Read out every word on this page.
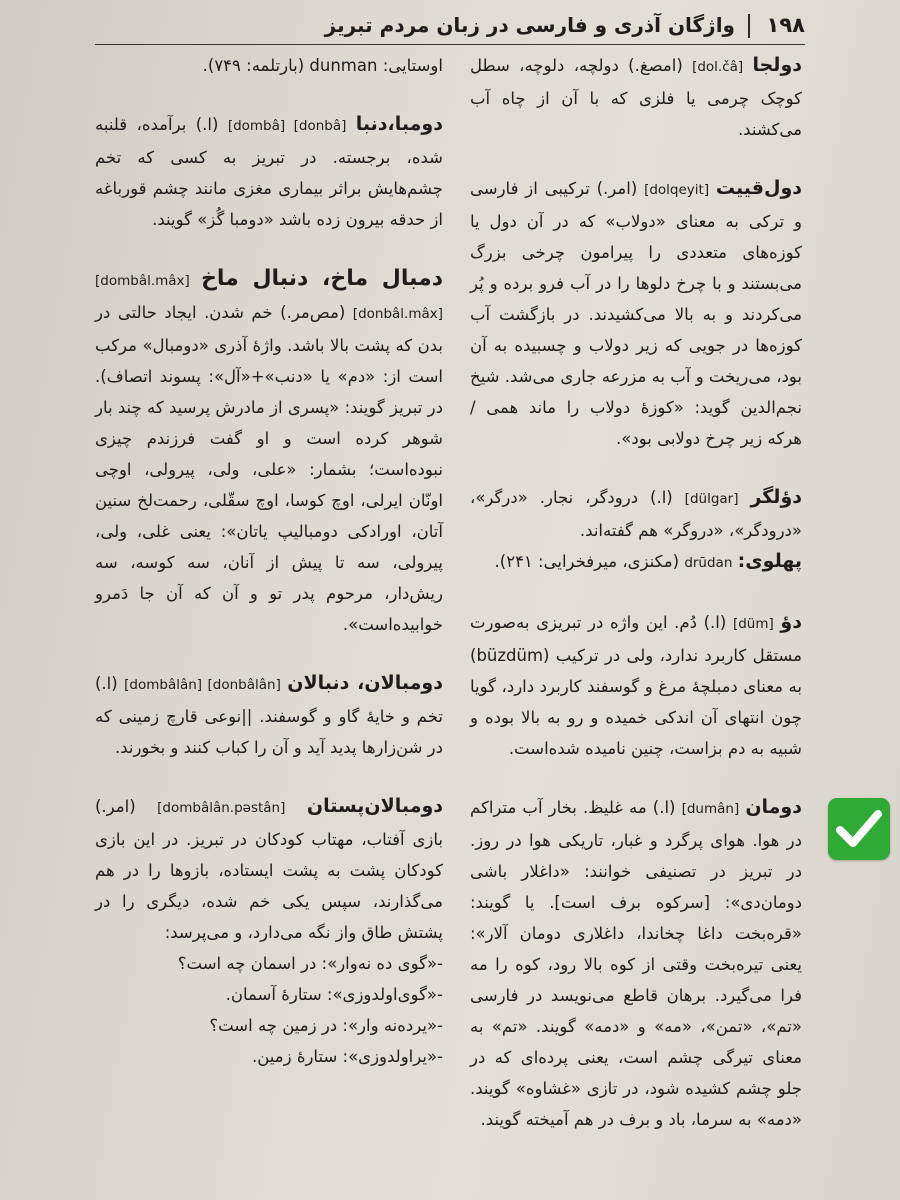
۱۹۸
واژگان آذری و فارسی در زبان مردم تبریز

دولجا [dol.čâ] (امصغ.) دولچه، دلوچه، سطل کوچک چرمی یا فلزی که با آن از چاه آب می‌کشند.

دول‌قییت [dolqeyit] (امر.) ترکیبی از فارسی و ترکی به معنای «دولاب» که در آن دول یا کوزه‌های متعددی را پیرامون چرخی بزرگ می‌بستند و با چرخ دلوها را در آب فرو برده و پُر می‌کردند و به بالا می‌کشیدند. در بازگشت آب کوزه‌ها در جویی که زیر دولاب و چسبیده به آن بود، می‌ریخت و آب به مزرعه جاری می‌شد. شیخ نجم‌الدین گوید: «کوزهٔ دولاب را ماند همی / هرکه زیر چرخ دولابی بود».

دؤلگر [dülgar] (ا.) درودگر، نجار. «درگر»، «درودگر»، «دروگر» هم گفته‌اند.
پهلوی: drūdan (مکنزی، میرفخرایی: ۲۴۱).

دؤ [düm] (ا.) دُم. این واژه در تبریزی به‌صورت مستقل کاربرد ندارد، ولی در ترکیب (büzdüm) به معنای دمبلچهٔ مرغ و گوسفند کاربرد دارد، گویا چون انتهای آن اندکی خمیده و رو به بالا بوده و شبیه به دم بزاست، چنین نامیده شده‌است.

دومان [dumân] (ا.) مه غلیظ. بخار آب متراکم در هوا. هوای پرگرد و غبار، تاریکی هوا در روز. در تبریز در تصنیفی خوانند: «داغلار باشی دومان‌دی»: [سرکوه برف است]. یا گویند: «قره‌بخت داغا چخاندا، داغلاری دومان آلار»: یعنی تیره‌بخت وقتی از کوه بالا رود، کوه را مه فرا می‌گیرد. برهان قاطع می‌نویسد در فارسی «تم»، «تمن»، «مه» و «دمه» گویند. «تم» به معنای تیرگی چشم است، یعنی پرده‌ای که در جلو چشم کشیده شود، در تازی «غشاوه» گویند. «دمه» به سرما، باد و برف در هم آمیخته گویند.

اوستایی: dunman (بارتلمه: ۷۴۹).

دومبا،دنبا [dombâ] [donbâ] (ا.) برآمده، قلنبه شده، برجسته. در تبریز به کسی که تخم چشم‌هایش براثر بیماری مغزی مانند چشم قورباغه از حدقه بیرون زده باشد «دومبا گُز» گویند.

دمبال ماخ، دنبال ماخ [dombâl.mâx] [donbâl.mâx] (مص‌مر.) خم شدن. ایجاد حالتی در بدن که پشت بالا باشد. واژهٔ آذری «دومبال» مرکب است از: «دم» یا «دنب»+«آل»: پسوند اتصاف). در تبریز گویند: «پسری از مادرش پرسید که چند بار شوهر کرده است و او گفت فرزندم چیزی نبوده‌است؛ بشمار: «علی، ولی، پیرولی، اوچی اونّان ایرلی، اوچ کوسا، اوچ سقّلی، رحمت‌لخ سنین آتان، اورادکی دومبالیپ یاتان»: یعنی غلی، ولی، پیرولی، سه تا پیش از آنان، سه کوسه، سه ریش‌دار، مرحوم پدر تو و آن که آن جا دَمرو خوابیده‌است».

دومبالان، دنبالان [dombâlân] [donbâlân] (ا.) تخم و خایهٔ گاو و گوسفند. ||نوعی قارچ زمینی که در شن‌زارها پدید آید و آن را کباب کنند و بخورند.

دومبالان‌پستان [dombâlân.pəstân] (امر.) بازی آفتاب، مهتاب کودکان در تبریز. در این بازی کودکان پشت به پشت ایستاده، بازوها را در هم می‌گذارند، سپس یکی خم شده، دیگری را در پشتش طاق واز نگه می‌دارد، و می‌پرسد:
-«گوی ده نه‌وار»: در اسمان چه است؟
-«گوی‌اولدوزی»: ستارهٔ آسمان.
-«یرده‌نه وار»: در زمین چه است؟
-«یراولدوزی»: ستارهٔ زمین.
